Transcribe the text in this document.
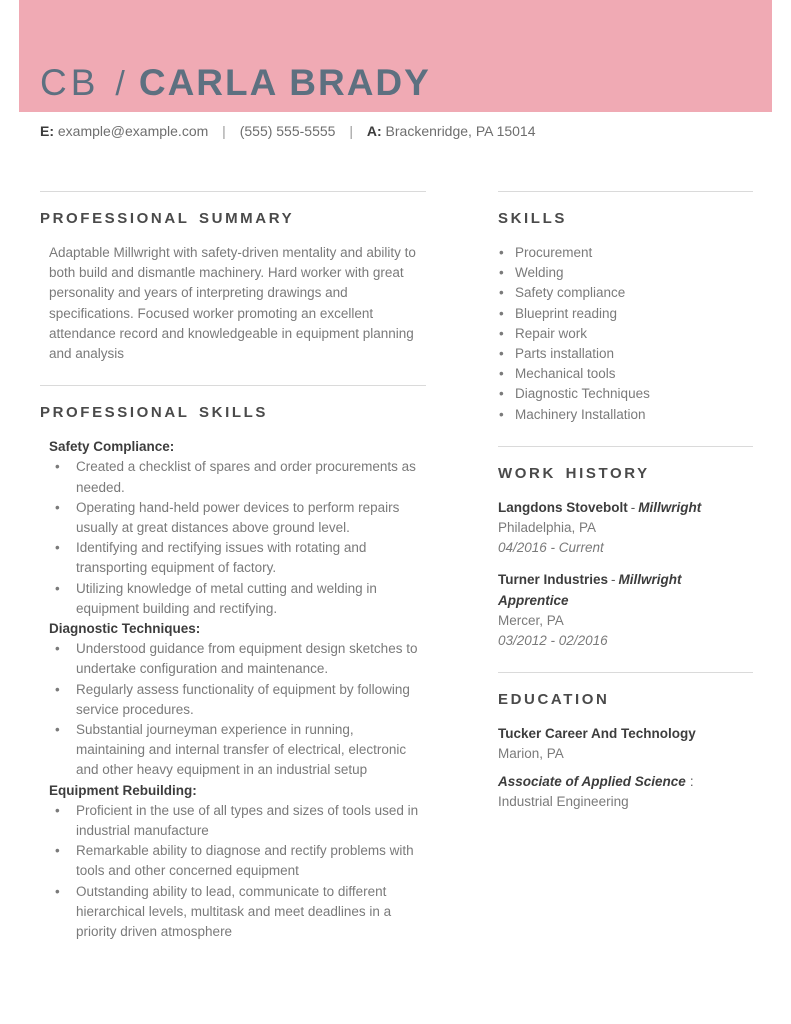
CB / CARLA BRADY
E: example@example.com | (555) 555-5555 | A: Brackenridge, PA 15014
PROFESSIONAL SUMMARY

Adaptable Millwright with safety-driven mentality and ability to both build and dismantle machinery. Hard worker with great personality and years of interpreting drawings and specifications. Focused worker promoting an excellent attendance record and knowledgeable in equipment planning and analysis

PROFESSIONAL SKILLS
Safety Compliance:
• Created a checklist of spares and order procurements as needed.
• Operating hand-held power devices to perform repairs usually at great distances above ground level.
• Identifying and rectifying issues with rotating and transporting equipment of factory.
• Utilizing knowledge of metal cutting and welding in equipment building and rectifying.
Diagnostic Techniques:
• Understood guidance from equipment design sketches to undertake configuration and maintenance.
• Regularly assess functionality of equipment by following service procedures.
• Substantial journeyman experience in running, maintaining and internal transfer of electrical, electronic and other heavy equipment in an industrial setup
Equipment Rebuilding:
• Proficient in the use of all types and sizes of tools used in industrial manufacture
• Remarkable ability to diagnose and rectify problems with tools and other concerned equipment
• Outstanding ability to lead, communicate to different hierarchical levels, multitask and meet deadlines in a priority driven atmosphere
SKILLS
• Procurement
• Welding
• Safety compliance
• Blueprint reading
• Repair work
• Parts installation
• Mechanical tools
• Diagnostic Techniques
• Machinery Installation
WORK HISTORY
Langdons Stovebolt - Millwright
Philadelphia, PA
04/2016 - Current
Turner Industries - Millwright Apprentice
Mercer, PA
03/2012 - 02/2016
EDUCATION
Tucker Career And Technology
Marion, PA
Associate of Applied Science :
Industrial Engineering
